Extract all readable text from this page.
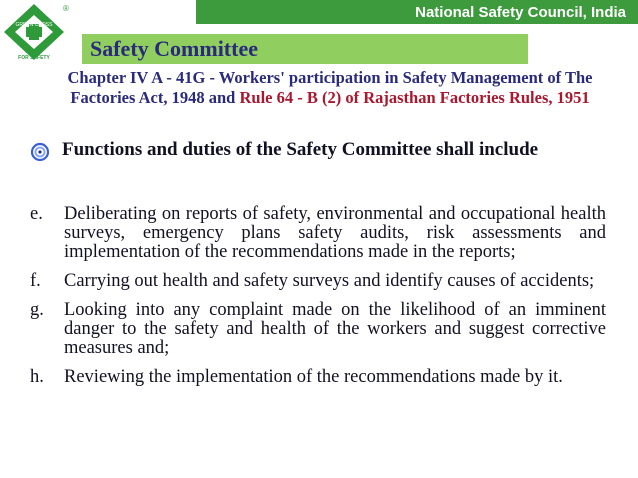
National Safety Council, India
GREEN CROSS
FOR SAFETY
®
Safety Committee
Chapter IV A - 41G - Workers' participation in Safety Management of The Factories Act, 1948 and Rule 64 - B (2) of Rajasthan Factories Rules, 1951
Functions and duties of the Safety Committee shall include
e.	Deliberating on reports of safety, environmental and occupational health surveys, emergency plans safety audits, risk assessments and implementation of the recommendations made in the reports;
f.	Carrying out health and safety surveys and identify causes of accidents;
g.	Looking into any complaint made on the likelihood of an imminent danger to the safety and health of the workers and suggest corrective measures and;
h.	Reviewing the implementation of the recommendations made by it.
